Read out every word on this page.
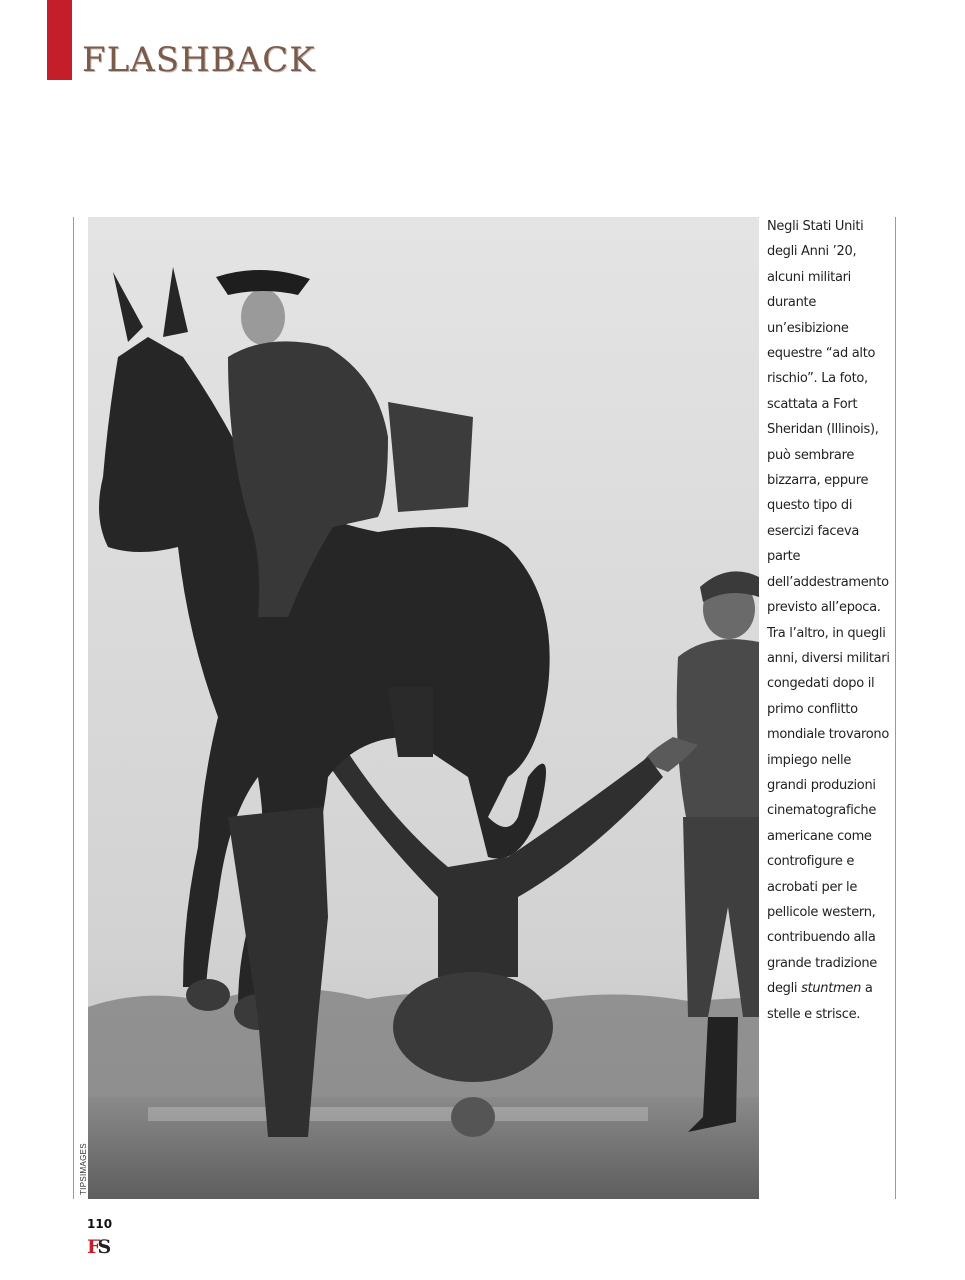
FLASHBACK
TIPSIMAGES
Negli Stati Uniti degli Anni ’20, alcuni militari durante un’esibizione equestre “ad alto rischio”. La foto, scattata a Fort Sheridan (Illinois), può sembrare bizzarra, eppure questo tipo di esercizi faceva parte dell’addestramento previsto all’epoca. Tra l’altro, in quegli anni, diversi militari congedati dopo il primo conflitto mondiale trovarono impiego nelle grandi produzioni cinematografiche americane come controfigure e acrobati per le pellicole western, contribuendo alla grande tradizione degli stuntmen a stelle e strisce.
110
FS
